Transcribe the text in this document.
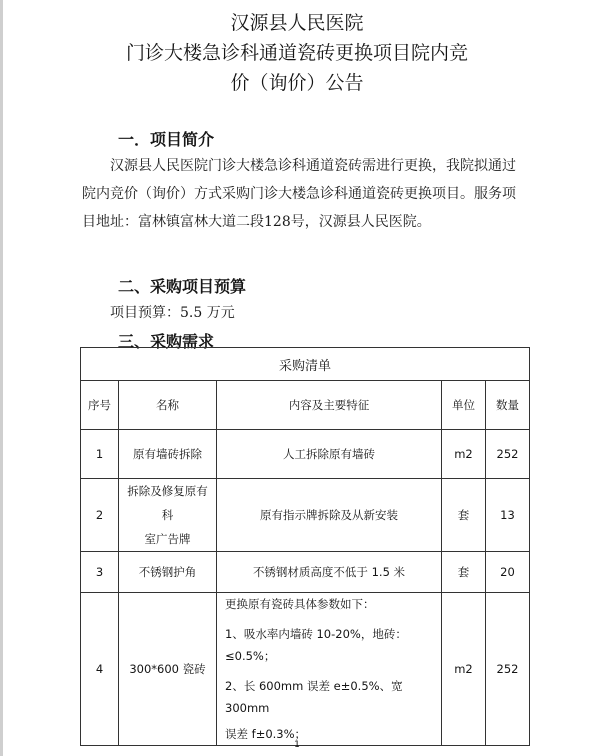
汉源县人民医院
门诊大楼急诊科通道瓷砖更换项目院内竞
价（询价）公告
一．项目简介
汉源县人民医院门诊大楼急诊科通道瓷砖需进行更换，我院拟通过院内竞价（询价）方式采购门诊大楼急诊科通道瓷砖更换项目。服务项目地址：富林镇富林大道二段128号，汉源县人民医院。
二、采购项目预算
项目预算：5.5 万元
三、采购需求
采购清单				
序号	名称	内容及主要特征	单位	数量
1	原有墙砖拆除	人工拆除原有墙砖	m2	252
2	拆除及修复原有科
室广告牌	原有指示牌拆除及从新安装	套	13
3	不锈钢护角	不锈钢材质高度不低于 1.5 米	套	20
4	300*600 瓷砖	更换原有瓷砖具体参数如下：
1、吸水率内墙砖 10-20%，地砖：≤0.5%；
2、长 600mm 误差 e±0.5%、宽 300mm
误差 f±0.3%；	m2	252
1
